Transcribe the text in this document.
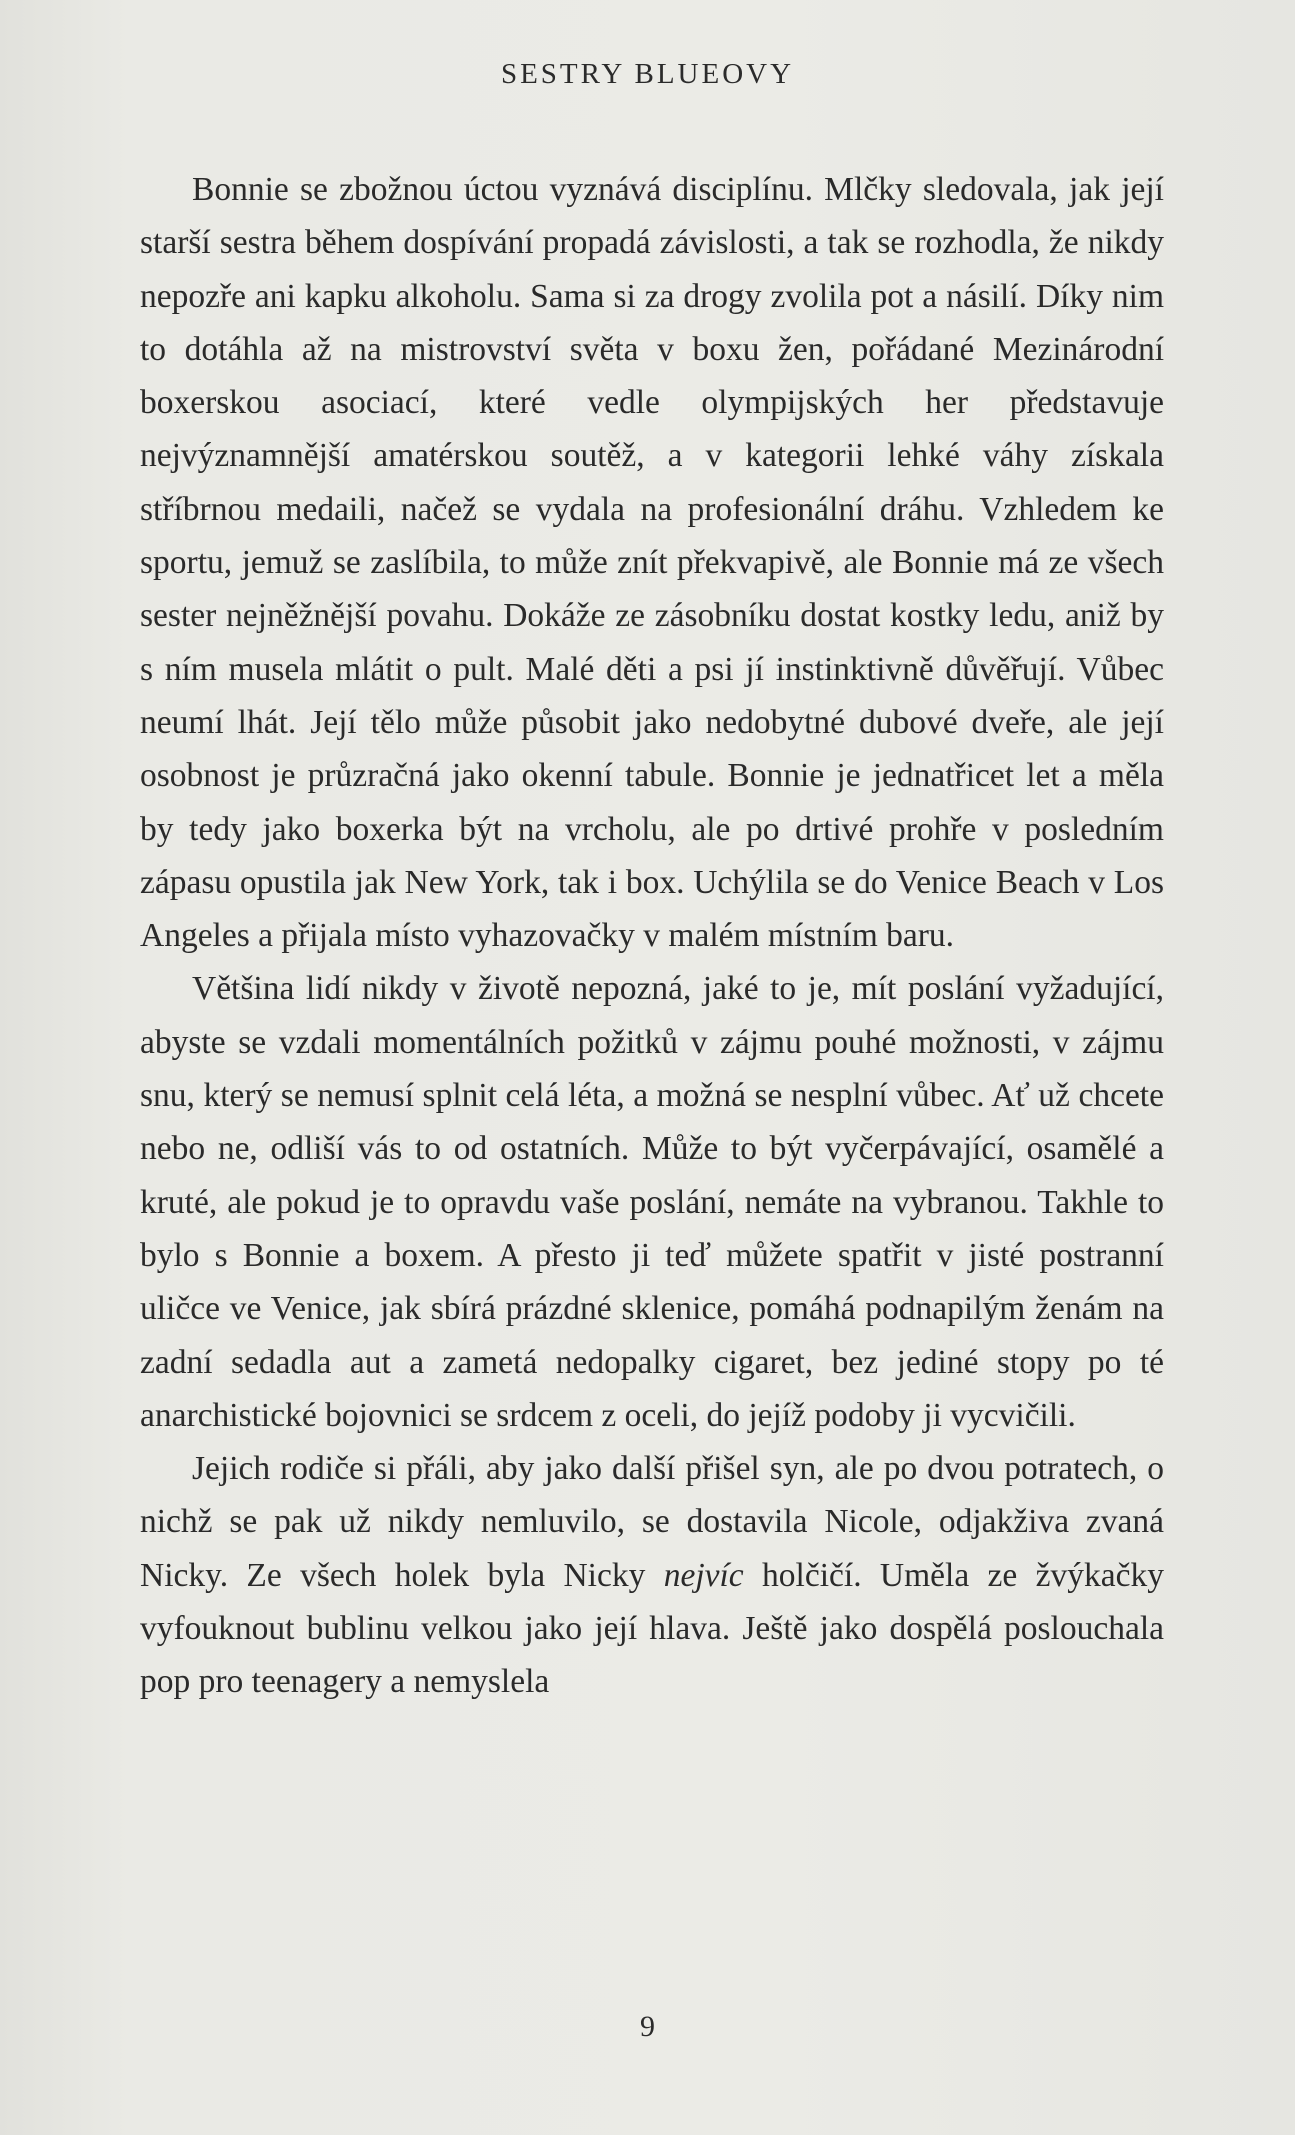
SESTRY BLUEOVY

Bonnie se zbožnou úctou vyznává disciplínu. Mlčky sledovala, jak její starší sestra během dospívání propadá závislosti, a tak se rozhodla, že nikdy nepozře ani kapku alkoholu. Sama si za drogy zvolila pot a násilí. Díky nim to dotáhla až na mistrovství světa v boxu žen, pořádané Mezinárodní boxerskou asociací, které vedle olympijských her představuje nejvýznamnější amatérskou soutěž, a v kategorii lehké váhy získala stříbrnou medaili, načež se vydala na profesionální dráhu. Vzhledem ke sportu, jemuž se zaslíbila, to může znít překvapivě, ale Bonnie má ze všech sester nejněžnější povahu. Dokáže ze zásobníku dostat kostky ledu, aniž by s ním musela mlátit o pult. Malé děti a psi jí instinktivně důvěřují. Vůbec neumí lhát. Její tělo může působit jako nedobytné dubové dveře, ale její osobnost je průzračná jako okenní tabule. Bonnie je jednatřicet let a měla by tedy jako boxerka být na vrcholu, ale po drtivé prohře v posledním zápasu opustila jak New York, tak i box. Uchýlila se do Venice Beach v Los Angeles a přijala místo vyhazovačky v malém místním baru.

Většina lidí nikdy v životě nepozná, jaké to je, mít poslání vyžadující, abyste se vzdali momentálních požitků v zájmu pouhé možnosti, v zájmu snu, který se nemusí splnit celá léta, a možná se nesplní vůbec. Ať už chcete nebo ne, odliší vás to od ostatních. Může to být vyčerpávající, osamělé a kruté, ale pokud je to opravdu vaše poslání, nemáte na vybranou. Takhle to bylo s Bonnie a boxem. A přesto ji teď můžete spatřit v jisté postranní uličce ve Venice, jak sbírá prázdné sklenice, pomáhá podnapilým ženám na zadní sedadla aut a zametá nedopalky cigaret, bez jediné stopy po té anarchistické bojovnici se srdcem z oceli, do jejíž podoby ji vycvičili.

Jejich rodiče si přáli, aby jako další přišel syn, ale po dvou potratech, o nichž se pak už nikdy nemluvilo, se dostavila Nicole, odjakživa zvaná Nicky. Ze všech holek byla Nicky nejvíc holčičí. Uměla ze žvýkačky vyfouknout bublinu velkou jako její hlava. Ještě jako dospělá poslouchala pop pro teenagery a nemyslela

9
